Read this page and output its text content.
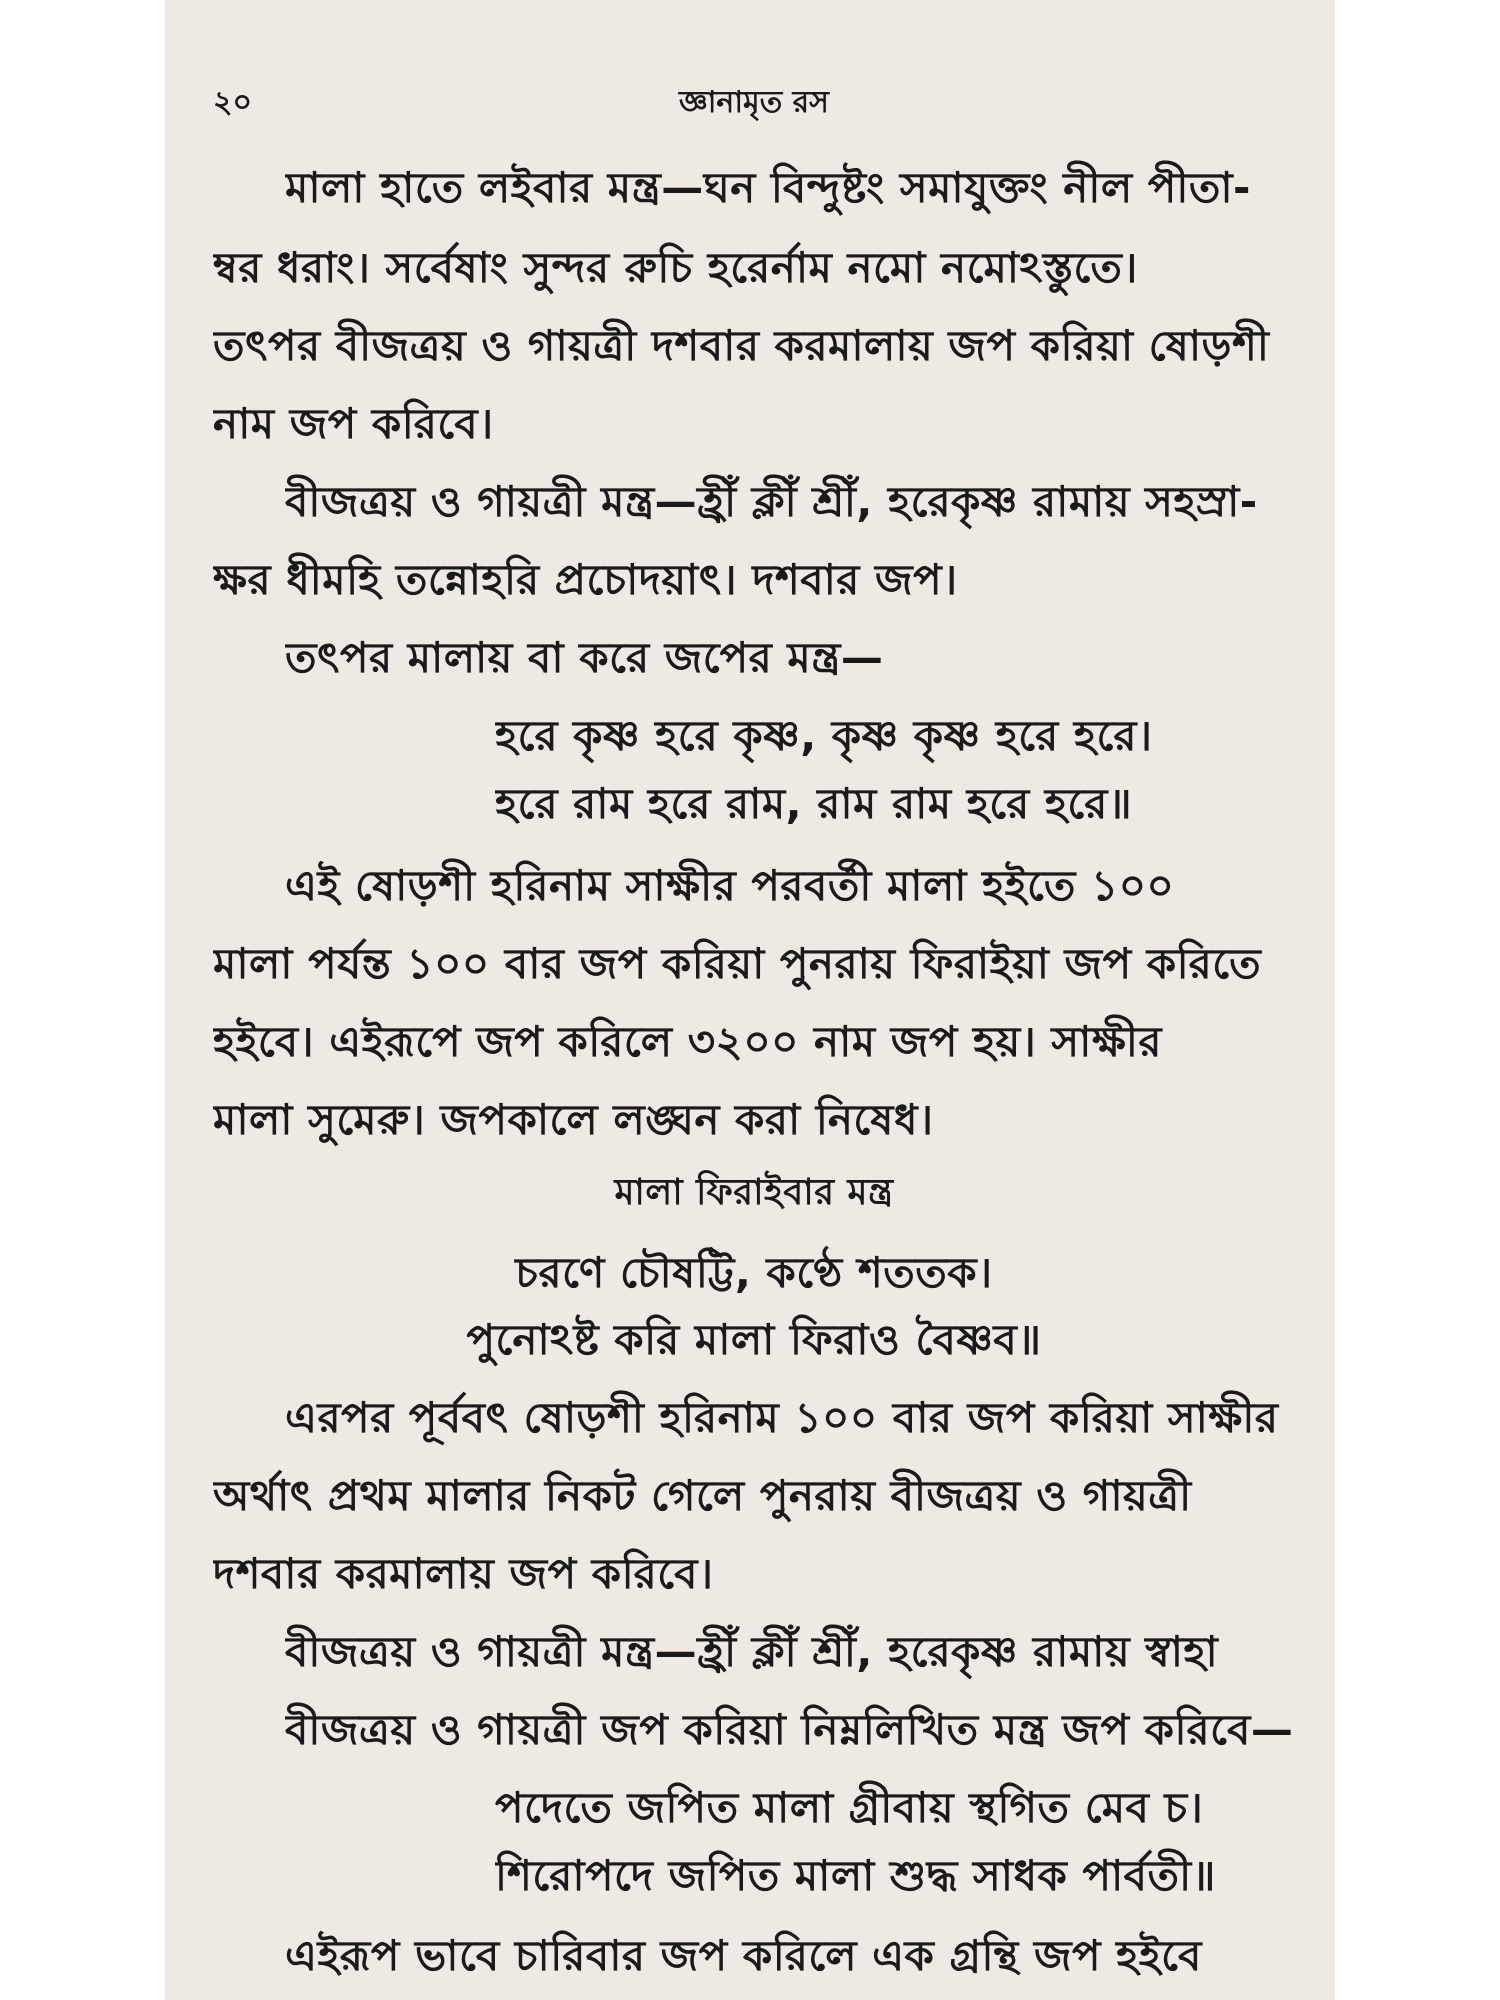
২০	জ্ঞানামৃত রস
মালা হাতে লইবার মন্ত্র—ঘন বিন্দুষ্টং সমাযুক্তং নীল পীতা-
ম্বর ধরাং। সর্বেষাং সুন্দর রুচি হরের্নাম নমো নমোঽস্তুতে।
তৎপর বীজত্রয় ও গায়ত্রী দশবার করমালায় জপ করিয়া ষোড়শী
নাম জপ করিবে।
বীজত্রয় ও গায়ত্রী মন্ত্র—হ্রীঁ ক্লীঁ শ্রীঁ, হরেকৃষ্ণ রামায় সহস্রা-
ক্ষর ধীমহি তন্নোহরি প্রচোদয়াৎ। দশবার জপ।
তৎপর মালায় বা করে জপের মন্ত্র—
হরে কৃষ্ণ হরে কৃষ্ণ, কৃষ্ণ কৃষ্ণ হরে হরে।
হরে রাম হরে রাম, রাম রাম হরে হরে॥
এই ষোড়শী হরিনাম সাক্ষীর পরবর্তী মালা হইতে ১০০
মালা পর্যন্ত ১০০ বার জপ করিয়া পুনরায় ফিরাইয়া জপ করিতে
হইবে। এইরূপে জপ করিলে ৩২০০ নাম জপ হয়। সাক্ষীর
মালা সুমেরু। জপকালে লঙ্ঘন করা নিষেধ।
মালা ফিরাইবার মন্ত্র
চরণে চৌষট্টি, কণ্ঠে শততক।
পুনোঽষ্ট করি মালা ফিরাও বৈষ্ণব॥
এরপর পূর্ববৎ ষোড়শী হরিনাম ১০০ বার জপ করিয়া সাক্ষীর
অর্থাৎ প্রথম মালার নিকট গেলে পুনরায় বীজত্রয় ও গায়ত্রী
দশবার করমালায় জপ করিবে।
বীজত্রয় ও গায়ত্রী মন্ত্র—হ্রীঁ ক্লীঁ শ্রীঁ, হরেকৃষ্ণ রামায় স্বাহা
বীজত্রয় ও গায়ত্রী জপ করিয়া নিম্নলিখিত মন্ত্র জপ করিবে—
পদেতে জপিত মালা গ্রীবায় স্থগিত মেব চ।
শিরোপদে জপিত মালা শুদ্ধ সাধক পার্বতী॥
এইরূপ ভাবে চারিবার জপ করিলে এক গ্রন্থি জপ হইবে
